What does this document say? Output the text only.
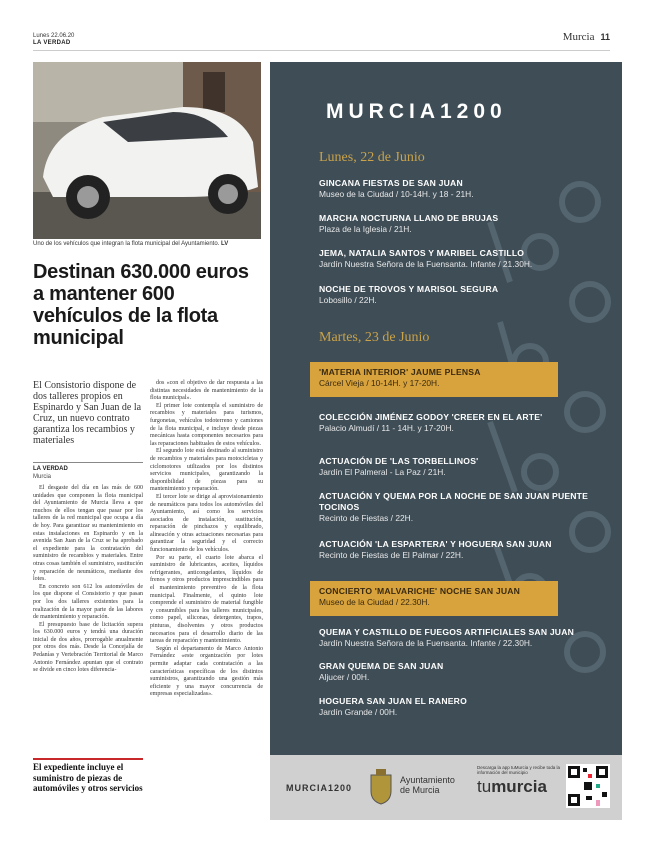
Lunes 22.06.20
LA VERDAD	Murcia 11
Uno de los vehículos que integran la flota municipal del Ayuntamiento. LV
Destinan 630.000 euros a mantener 600 vehículos de la flota municipal
El Consistorio dispone de dos talleres propios en Espinardo y San Juan de la Cruz, un nuevo contrato garantiza los recambios y materiales
LA VERDAD
Murcia

El desgaste del día en las más de 600 unidades que componen la flota municipal del Ayuntamiento de Murcia lleva a que muchos de ellos tengan que pasar por los talleres de la red municipal que ocupa a día de hoy. Para garantizar su mantenimiento en estas instalaciones en Espinardo y en la avenida San Juan de la Cruz se ha aprobado el expediente para la contratación del suministro de recambios y materiales. Entre otras cosas también el suministro, sustitución y reparación de neumáticos, mediante dos lotes.

En concreto son 612 los automóviles de los que dispone el Consistorio y que pasan por los dos talleres existentes para la realización de la mayor parte de las labores de mantenimiento y reparación.

El presupuesto base de licitación supera los 630.000 euros y tendrá una duración inicial de dos años, prorrogable anualmente por otros dos más. Desde la Concejalía de Pedanías y Vertebración Territorial de Marco Antonio Fernández apuntan que el contrato se divide en cinco lotes diferencia-

dos «con el objetivo de dar respuesta a las distintas necesidades de mantenimiento de la flota municipal».

El primer lote contempla el suministro de recambios y materiales para turismos, furgonetas, vehículos todoterreno y camiones de la flota municipal, e incluye desde piezas mecánicas hasta componentes necesarios para las reparaciones habituales de estos vehículos.

El segundo lote está destinado al suministro de recambios y materiales para motocicletas y ciclomotores utilizados por los distintos servicios municipales, garantizando la disponibilidad de piezas para su mantenimiento y reparación.

El tercer lote se dirige al aprovisionamiento de neumáticos para todos los automóviles del Ayuntamiento, así como los servicios asociados de instalación, sustitución, reparación de pinchazos y equilibrado, alineación y otras actuaciones necesarias para garantizar la seguridad y el correcto funcionamiento de los vehículos.

Por su parte, el cuarto lote abarca el suministro de lubricantes, aceites, líquidos refrigerantes, anticongelantes, líquidos de frenos y otros productos imprescindibles para el mantenimiento preventivo de la flota municipal. Finalmente, el quinto lote comprende el suministro de material fungible y consumibles para los talleres municipales, como papel, siliconas, detergentes, trapos, pinturas, disolventes y otros productos necesarios para el desarrollo diario de las tareas de reparación y mantenimiento.

Según el departamento de Marco Antonio Fernández «este organización por lotes permite adaptar cada contratación a las características específicas de los distintos suministros, garantizando una gestión más eficiente y una mayor concurrencia de empresas especializadas».

El expediente incluye el suministro de piezas de automóviles y otros servicios
MURCIA1200
MURCIA1200
Ayuntamiento
de Murcia
Descarga la app tuMurcia y recibe toda la información del municipio
tumurcia
Lunes, 22 de Junio
GINCANA FIESTAS DE SAN JUAN
Museo de la Ciudad / 10-14H. y 18 - 21H.
MARCHA NOCTURNA LLANO DE BRUJAS
Plaza de la Iglesia / 21H.
JEMA, NATALIA SANTOS Y MARIBEL CASTILLO
Jardín Nuestra Señora de la Fuensanta. Infante / 21.30H.
NOCHE DE TROVOS Y MARISOL SEGURA
Lobosillo / 22H.
Martes, 23 de Junio
'MATERIA INTERIOR' JAUME PLENSA
Cárcel Vieja / 10-14H. y 17-20H.
COLECCIÓN JIMÉNEZ GODOY 'CREER EN EL ARTE'
Palacio Almudí / 11 - 14H. y 17-20H.
ACTUACIÓN DE 'LAS TORBELLINOS'
Jardín El Palmeral - La Paz / 21H.
ACTUACIÓN Y QUEMA POR LA NOCHE DE SAN JUAN PUENTE TOCINOS
Recinto de Fiestas / 22H.
ACTUACIÓN 'LA ESPARTERA' Y HOGUERA SAN JUAN
Recinto de Fiestas de El Palmar / 22H.
CONCIERTO 'MALVARICHE' NOCHE SAN JUAN
Museo de la Ciudad / 22.30H.
QUEMA Y CASTILLO DE FUEGOS ARTIFICIALES SAN JUAN
Jardín Nuestra Señora de la Fuensanta. Infante / 22.30H.
GRAN QUEMA DE SAN JUAN
Aljucer / 00H.
HOGUERA SAN JUAN EL RANERO
Jardín Grande / 00H.
